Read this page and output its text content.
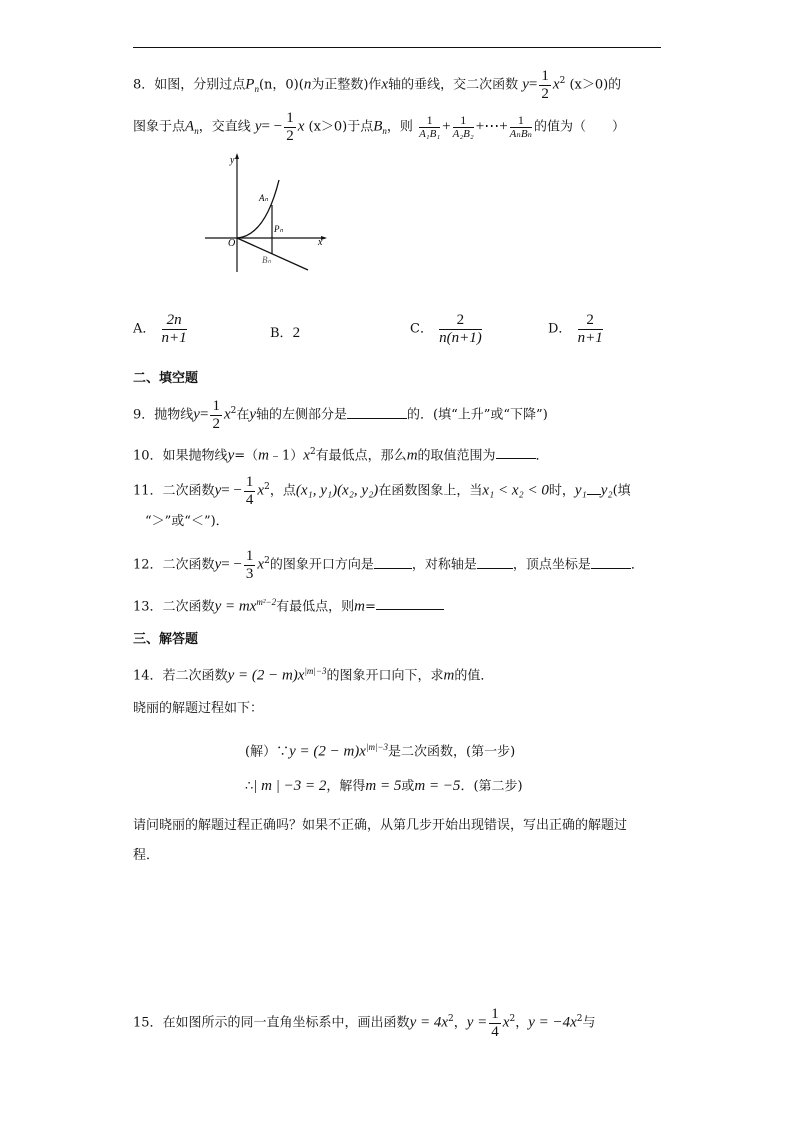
8．如图，分别过点$P_n(n$，0)(n为正整数)作x轴的垂线，交二次函数 $y= \frac{1}{2} x^2$ (x＞0)的
图象于点$A_n$，交直线 $y= - \frac{1}{2}$ x (x＞0)于点$B_n$，则 $\frac{1}{\text{A₁B₁}} + \frac{1}{\text{A₂B₂}}$ +⋯+ $\frac{1}{\text{AₙBₙ}}$ 的值为（　　）
y
x
O
Aₙ
Pₙ
Bₙ
A． $\frac{2n}{n+1}$	B．2	C． $\frac{2}{n(n+1)}$	D． $\frac{2}{n+1}$
二、填空题
9．抛物线$y= \frac{1}{2} x^2$在y轴的左侧部分是	的．(填“上升”或“下降”)
10．如果抛物线$y=(m﹣1)x^2$有最低点，那么m的取值范围为	．
11．二次函数$y= - \frac{1}{4} x^2$，点(x₁, y₁)(x₂, y₂)在函数图象上，当x₁ < x₂ < 0时，y₁ y₂(填
“＞”或“＜”)．
12．二次函数$y= - \frac{1}{3} x^2$的图象开口方向是	，对称轴是	，顶点坐标是	．
13．二次函数$y = mx^{m^2-2}$有最低点，则m=
三、解答题
14．若二次函数$y = (2 - m)x^{|m|-3}$的图象开口向下，求m的值．
晓丽的解题过程如下：
(解）∵y = $(2 - m)x^{|m|-3}$是二次函数，(第一步)
∴| m | −3 = 2，解得m = 5或m = −5．(第二步)
请问晓丽的解题过程正确吗？如果不正确，从第几步开始出现错误，写出正确的解题过
程．
15．在如图所示的同一直角坐标系中，画出函数$y = 4x^2$，$y = \frac{1}{4} x^2$，$y = -4x^2$与
